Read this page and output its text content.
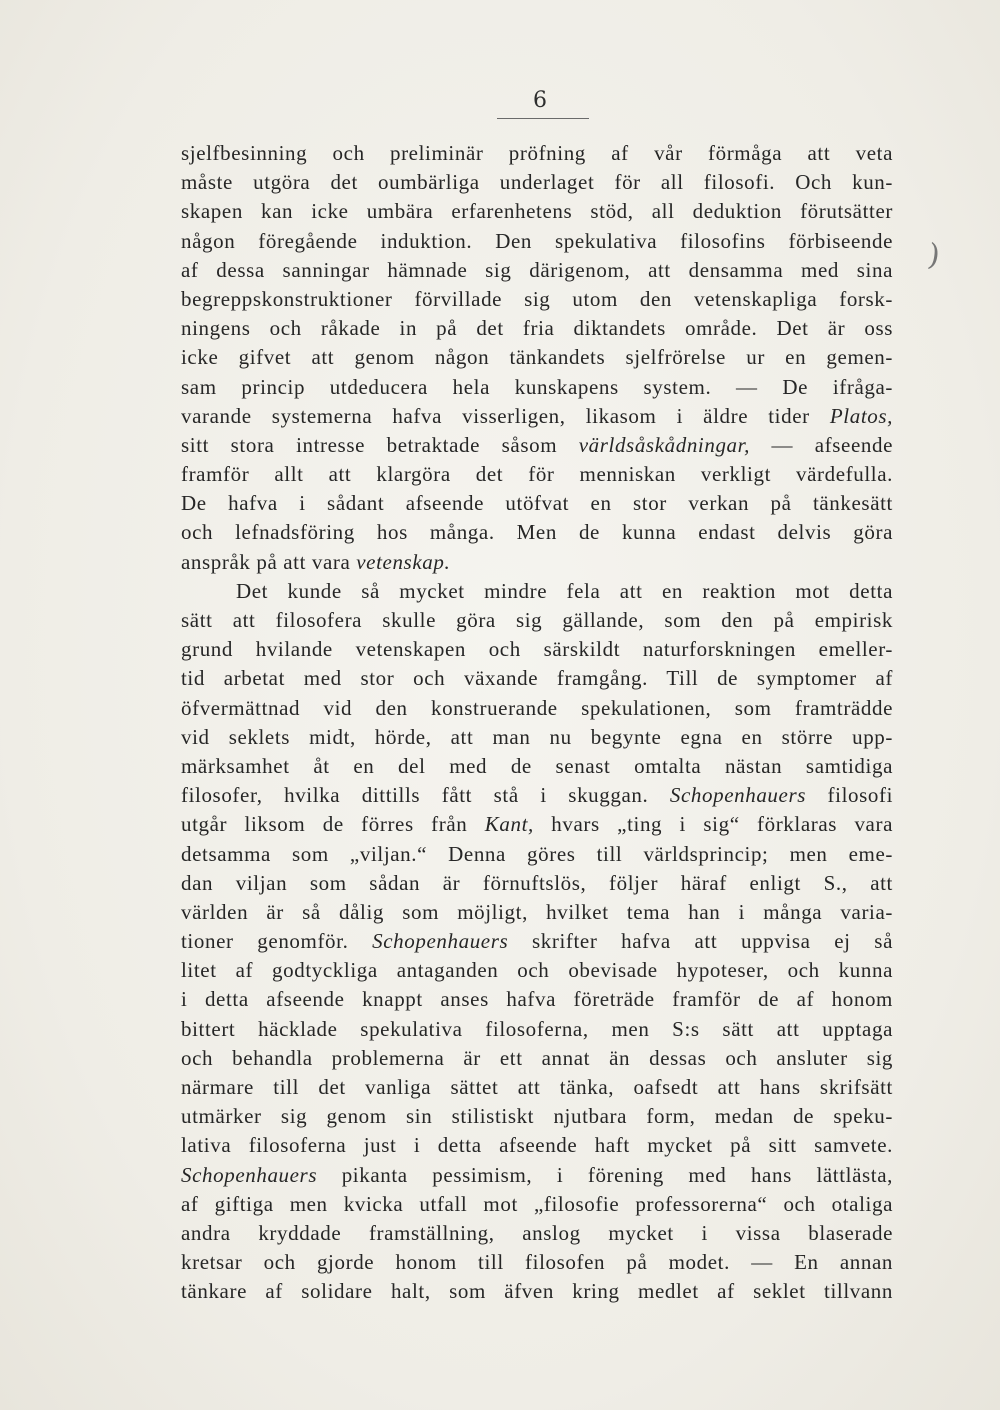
6
)
sjelfbesinning och preliminär pröfning af vår förmåga att veta
måste utgöra det oumbärliga underlaget för all filosofi. Och kun-
skapen kan icke umbära erfarenhetens stöd, all deduktion förutsätter
någon föregående induktion. Den spekulativa filosofins förbiseende
af dessa sanningar hämnade sig därigenom, att densamma med sina
begreppskonstruktioner förvillade sig utom den vetenskapliga forsk-
ningens och råkade in på det fria diktandets område. Det är oss
icke gifvet att genom någon tänkandets sjelfrörelse ur en gemen-
sam princip utdeducera hela kunskapens system. — De ifråga-
varande systemerna hafva visserligen, likasom i äldre tider Platos,
sitt stora intresse betraktade såsom världsåskådningar, — afseende
framför allt att klargöra det för menniskan verkligt värdefulla.
De hafva i sådant afseende utöfvat en stor verkan på tänkesätt
och lefnadsföring hos många. Men de kunna endast delvis göra
anspråk på att vara vetenskap.
Det kunde så mycket mindre fela att en reaktion mot detta
sätt att filosofera skulle göra sig gällande, som den på empirisk
grund hvilande vetenskapen och särskildt naturforskningen emeller-
tid arbetat med stor och växande framgång. Till de symptomer af
öfvermättnad vid den konstruerande spekulationen, som framträdde
vid seklets midt, hörde, att man nu begynte egna en större upp-
märksamhet åt en del med de senast omtalta nästan samtidiga
filosofer, hvilka dittills fått stå i skuggan. Schopenhauers filosofi
utgår liksom de förres från Kant, hvars „ting i sig“ förklaras vara
detsamma som „viljan.“ Denna göres till världsprincip; men eme-
dan viljan som sådan är förnuftslös, följer häraf enligt S., att
världen är så dålig som möjligt, hvilket tema han i många varia-
tioner genomför. Schopenhauers skrifter hafva att uppvisa ej så
litet af godtyckliga antaganden och obevisade hypoteser, och kunna
i detta afseende knappt anses hafva företräde framför de af honom
bittert häcklade spekulativa filosoferna, men S:s sätt att upptaga
och behandla problemerna är ett annat än dessas och ansluter sig
närmare till det vanliga sättet att tänka, oafsedt att hans skrifsätt
utmärker sig genom sin stilistiskt njutbara form, medan de speku-
lativa filosoferna just i detta afseende haft mycket på sitt samvete.
Schopenhauers pikanta pessimism, i förening med hans lättlästa,
af giftiga men kvicka utfall mot „filosofie professorerna“ och otaliga
andra kryddade framställning, anslog mycket i vissa blaserade
kretsar och gjorde honom till filosofen på modet. — En annan
tänkare af solidare halt, som äfven kring medlet af seklet tillvann
